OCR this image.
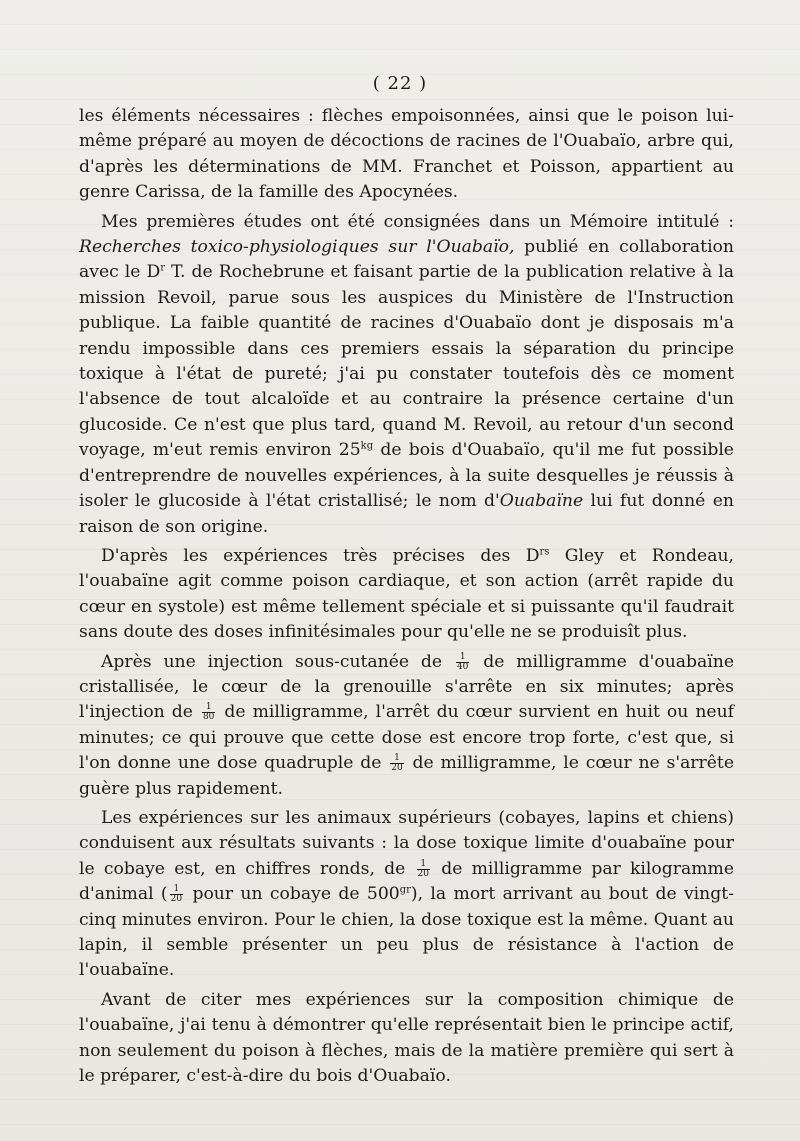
( 22 )

les éléments nécessaires : flèches empoisonnées, ainsi que le poison lui-même préparé au moyen de décoctions de racines de l'Ouabaïo, arbre qui, d'après les déterminations de MM. Franchet et Poisson, appartient au genre Carissa, de la famille des Apocynées.

Mes premières études ont été consignées dans un Mémoire intitulé : Recherches toxico-physiologiques sur l'Ouabaïo, publié en collaboration avec le $D^r$ T. de Rochebrune et faisant partie de la publication relative à la mission Revoil, parue sous les auspices du Ministère de l'Instruction publique. La faible quantité de racines d'Ouabaïo dont je disposais m'a rendu impossible dans ces premiers essais la séparation du principe toxique à l'état de pureté; j'ai pu constater toutefois dès ce moment l'absence de tout alcaloïde et au contraire la présence certaine d'un glucoside. Ce n'est que plus tard, quand M. Revoil, au retour d'un second voyage, m'eut remis environ $25^{kg}$ de bois d'Ouabaïo, qu'il me fut possible d'entreprendre de nouvelles expériences, à la suite desquelles je réussis à isoler le glucoside à l'état cristallisé; le nom d'Ouabaïne lui fut donné en raison de son origine.

D'après les expériences très précises des $D^{rs}$ Gley et Rondeau, l'ouabaïne agit comme poison cardiaque, et son action (arrêt rapide du cœur en systole) est même tellement spéciale et si puissante qu'il faudrait sans doute des doses infinitésimales pour qu'elle ne se produisît plus.

Après une injection sous-cutanée de $\frac{1}{40}$ de milligramme d'ouabaïne cristallisée, le cœur de la grenouille s'arrête en six minutes; après l'injection de $\frac{1}{80}$ de milligramme, l'arrêt du cœur survient en huit ou neuf minutes; ce qui prouve que cette dose est encore trop forte, c'est que, si l'on donne une dose quadruple de $\frac{1}{20}$ de milligramme, le cœur ne s'arrête guère plus rapidement.

Les expériences sur les animaux supérieurs (cobayes, lapins et chiens) conduisent aux résultats suivants : la dose toxique limite d'ouabaïne pour le cobaye est, en chiffres ronds, de $\frac{1}{20}$ de milligramme par kilogramme d'animal ( $\frac{1}{20}$ pour un cobaye de $500^{gr}$), la mort arrivant au bout de vingt-cinq minutes environ. Pour le chien, la dose toxique est la même. Quant au lapin, il semble présenter un peu plus de résistance à l'action de l'ouabaïne.

Avant de citer mes expériences sur la composition chimique de l'ouabaïne, j'ai tenu à démontrer qu'elle représentait bien le principe actif, non seulement du poison à flèches, mais de la matière première qui sert à le préparer, c'est-à-dire du bois d'Ouabaïo.
